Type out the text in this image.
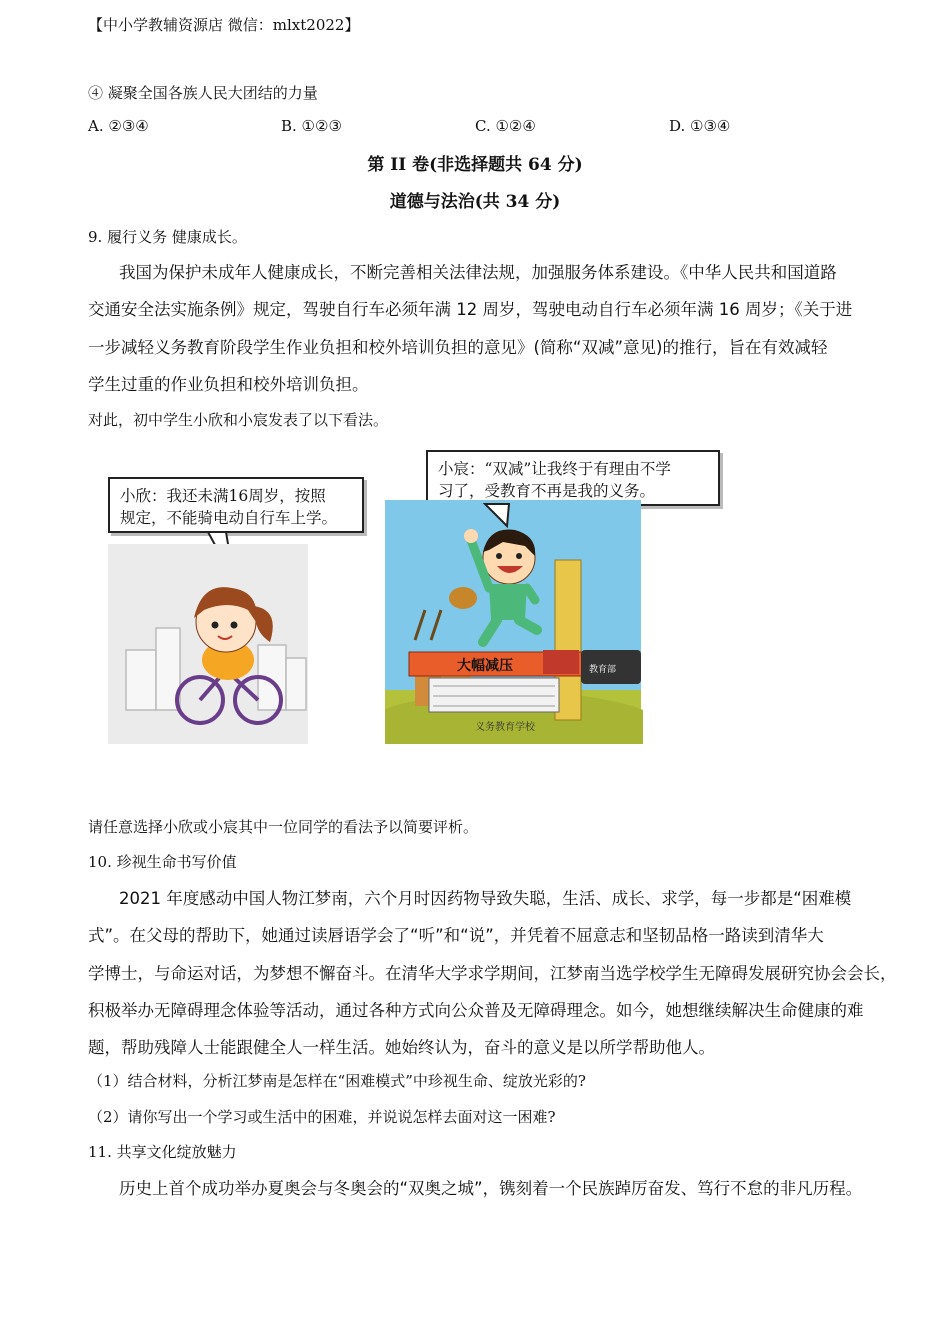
【中小学教辅资源店 微信：mlxt2022】
④ 凝聚全国各族人民大团结的力量
A. ②③④	B. ①②③	C. ①②④	D. ①③④
第 II 卷(非选择题共 64 分)
道德与法治(共 34 分)
9. 履行义务 健康成长。
我国为保护未成年人健康成长，不断完善相关法律法规，加强服务体系建设。《中华人民共和国道路
交通安全法实施条例》规定，驾驶自行车必须年满 12 周岁，驾驶电动自行车必须年满 16 周岁；《关于进
一步减轻义务教育阶段学生作业负担和校外培训负担的意见》(简称“双减”意见)的推行，旨在有效减轻
学生过重的作业负担和校外培训负担。
对此，初中学生小欣和小宸发表了以下看法。
小欣：我还未满16周岁，按照
规定，不能骑电动自行车上学。
小宸：“双减”让我终于有理由不学
习了，受教育不再是我的义务。
大幅减压	教育部
义务教育学校
请任意选择小欣或小宸其中一位同学的看法予以简要评析。
10. 珍视生命书写价值
2021 年度感动中国人物江梦南，六个月时因药物导致失聪，生活、成长、求学，每一步都是“困难模
式”。在父母的帮助下，她通过读唇语学会了“听”和“说”，并凭着不屈意志和坚韧品格一路读到清华大
学博士，与命运对话，为梦想不懈奋斗。在清华大学求学期间，江梦南当选学校学生无障碍发展研究协会会长，
积极举办无障碍理念体验等活动，通过各种方式向公众普及无障碍理念。如今，她想继续解决生命健康的难
题，帮助残障人士能跟健全人一样生活。她始终认为，奋斗的意义是以所学帮助他人。
（1）结合材料，分析江梦南是怎样在“困难模式”中珍视生命、绽放光彩的?
（2）请你写出一个学习或生活中的困难，并说说怎样去面对这一困难?
11. 共享文化绽放魅力
历史上首个成功举办夏奥会与冬奥会的“双奥之城”，镌刻着一个民族踔厉奋发、笃行不怠的非凡历程。
